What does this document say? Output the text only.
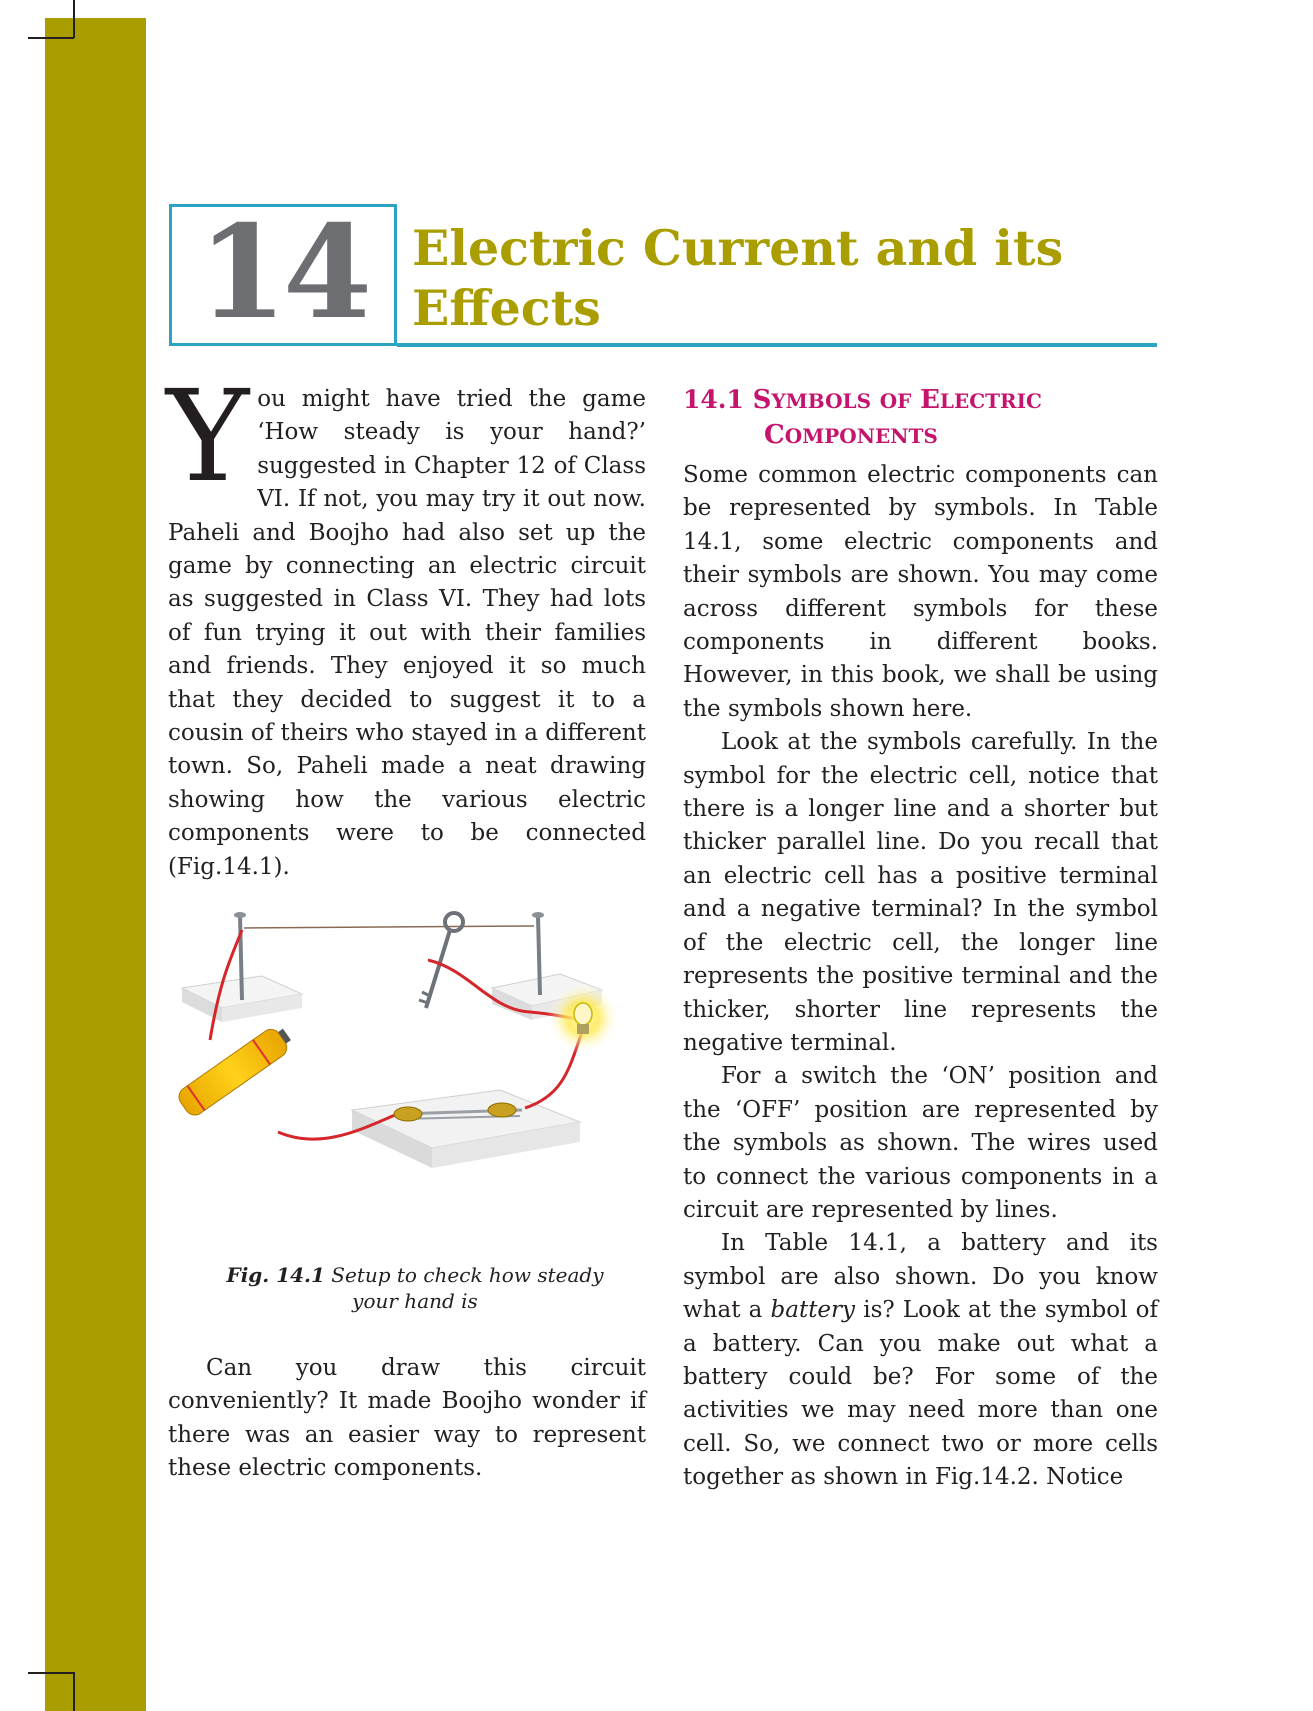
14 Electric Current and its
Effects

You might have tried the game ‘How steady is your hand?’ suggested in Chapter 12 of Class VI. If not, you may try it out now. Paheli and Boojho had also set up the game by connecting an electric circuit as suggested in Class VI. They had lots of fun trying it out with their families and friends. They enjoyed it so much that they decided to suggest it to a cousin of theirs who stayed in a different town. So, Paheli made a neat drawing showing how the various electric components were to be connected (Fig.14.1).

Fig. 14.1 Setup to check how steady
your hand is

Can you draw this circuit conveniently? It made Boojho wonder if there was an easier way to represent these electric components.

14.1 SYMBOLS OF ELECTRIC
COMPONENTS

Some common electric components can be represented by symbols. In Table 14.1, some electric components and their symbols are shown. You may come across different symbols for these components in different books. However, in this book, we shall be using the symbols shown here.

Look at the symbols carefully. In the symbol for the electric cell, notice that there is a longer line and a shorter but thicker parallel line. Do you recall that an electric cell has a positive terminal and a negative terminal? In the symbol of the electric cell, the longer line represents the positive terminal and the thicker, shorter line represents the negative terminal.

For a switch the ‘ON’ position and the ‘OFF’ position are represented by the symbols as shown. The wires used to connect the various components in a circuit are represented by lines.

In Table 14.1, a battery and its symbol are also shown. Do you know what a battery is? Look at the symbol of a battery. Can you make out what a battery could be? For some of the activities we may need more than one cell. So, we connect two or more cells together as shown in Fig.14.2. Notice
